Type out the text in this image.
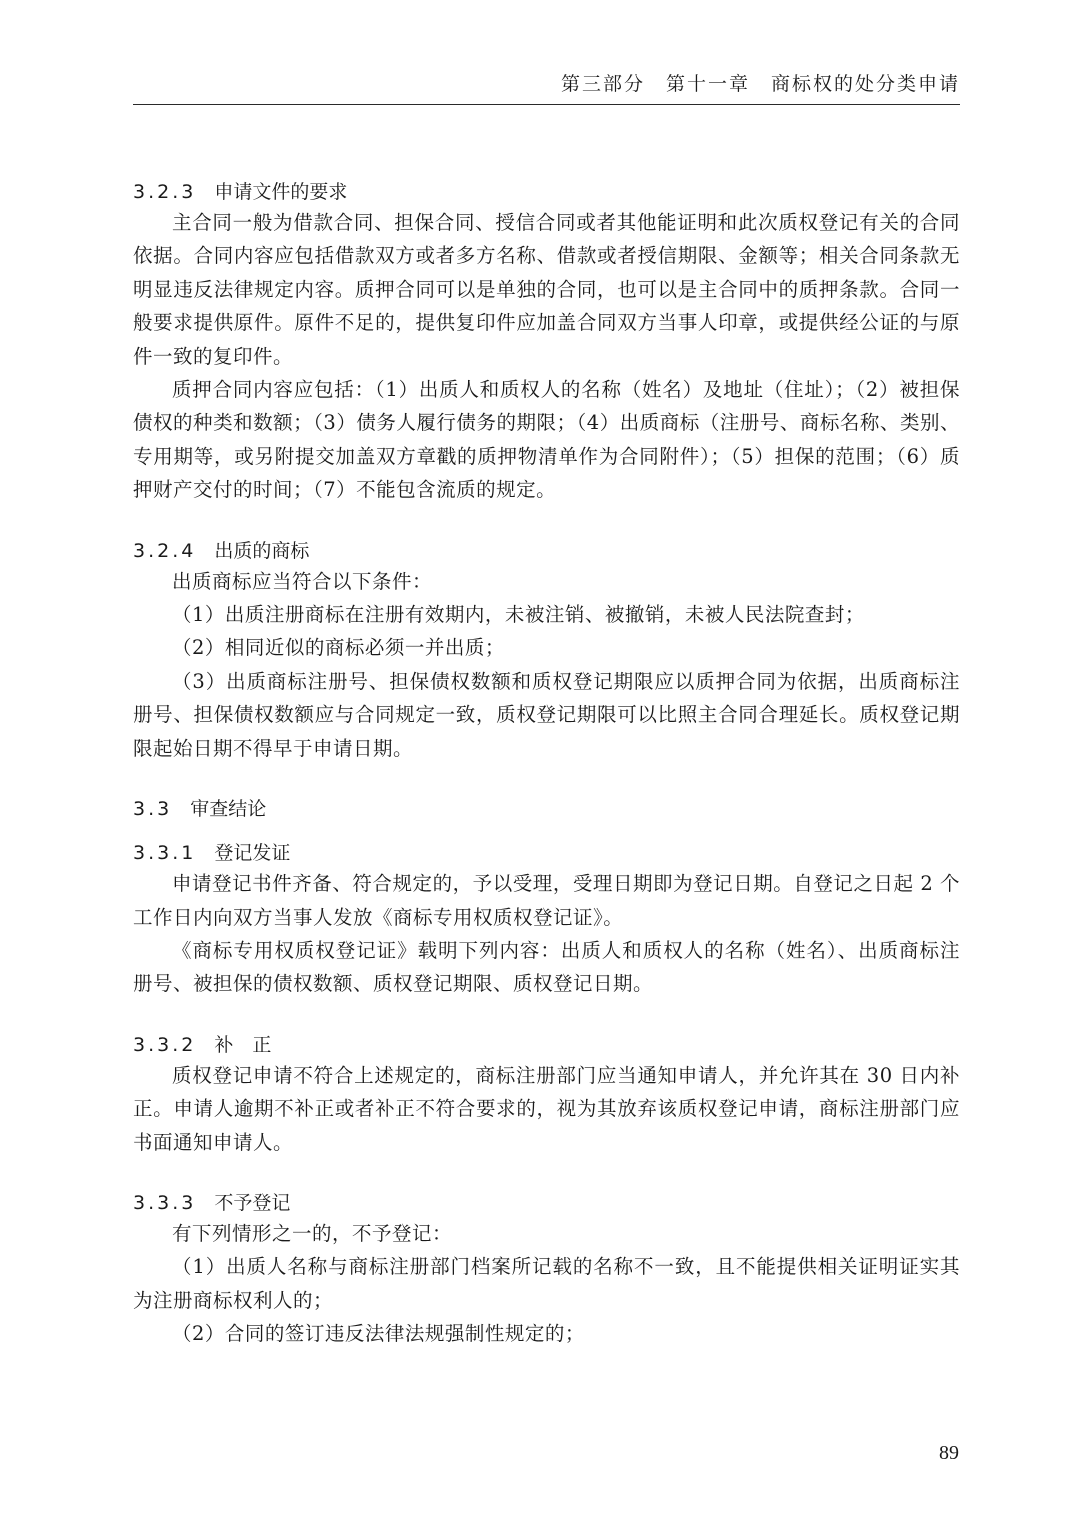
第三部分　第十一章　商标权的处分类申请
3.2.3 申请文件的要求

主合同一般为借款合同、担保合同、授信合同或者其他能证明和此次质权登记有关的合同依据。合同内容应包括借款双方或者多方名称、借款或者授信期限、金额等；相关合同条款无明显违反法律规定内容。质押合同可以是单独的合同，也可以是主合同中的质押条款。合同一般要求提供原件。原件不足的，提供复印件应加盖合同双方当事人印章，或提供经公证的与原件一致的复印件。

质押合同内容应包括：（1）出质人和质权人的名称（姓名）及地址（住址）；（2）被担保债权的种类和数额；（3）债务人履行债务的期限；（4）出质商标（注册号、商标名称、类别、专用期等，或另附提交加盖双方章戳的质押物清单作为合同附件）；（5）担保的范围；（6）质押财产交付的时间；（7）不能包含流质的规定。

3.2.4 出质的商标

出质商标应当符合以下条件：

（1）出质注册商标在注册有效期内，未被注销、被撤销，未被人民法院查封；

（2）相同近似的商标必须一并出质；

（3）出质商标注册号、担保债权数额和质权登记期限应以质押合同为依据，出质商标注册号、担保债权数额应与合同规定一致，质权登记期限可以比照主合同合理延长。质权登记期限起始日期不得早于申请日期。

3.3 审查结论
3.3.1 登记发证

申请登记书件齐备、符合规定的，予以受理，受理日期即为登记日期。自登记之日起 2 个工作日内向双方当事人发放《商标专用权质权登记证》。

《商标专用权质权登记证》载明下列内容：出质人和质权人的名称（姓名）、出质商标注册号、被担保的债权数额、质权登记期限、质权登记日期。

3.3.2 补　正

质权登记申请不符合上述规定的，商标注册部门应当通知申请人，并允许其在 30 日内补正。申请人逾期不补正或者补正不符合要求的，视为其放弃该质权登记申请，商标注册部门应书面通知申请人。

3.3.3 不予登记

有下列情形之一的，不予登记：

（1）出质人名称与商标注册部门档案所记载的名称不一致，且不能提供相关证明证实其为注册商标权利人的；

（2）合同的签订违反法律法规强制性规定的；

89
